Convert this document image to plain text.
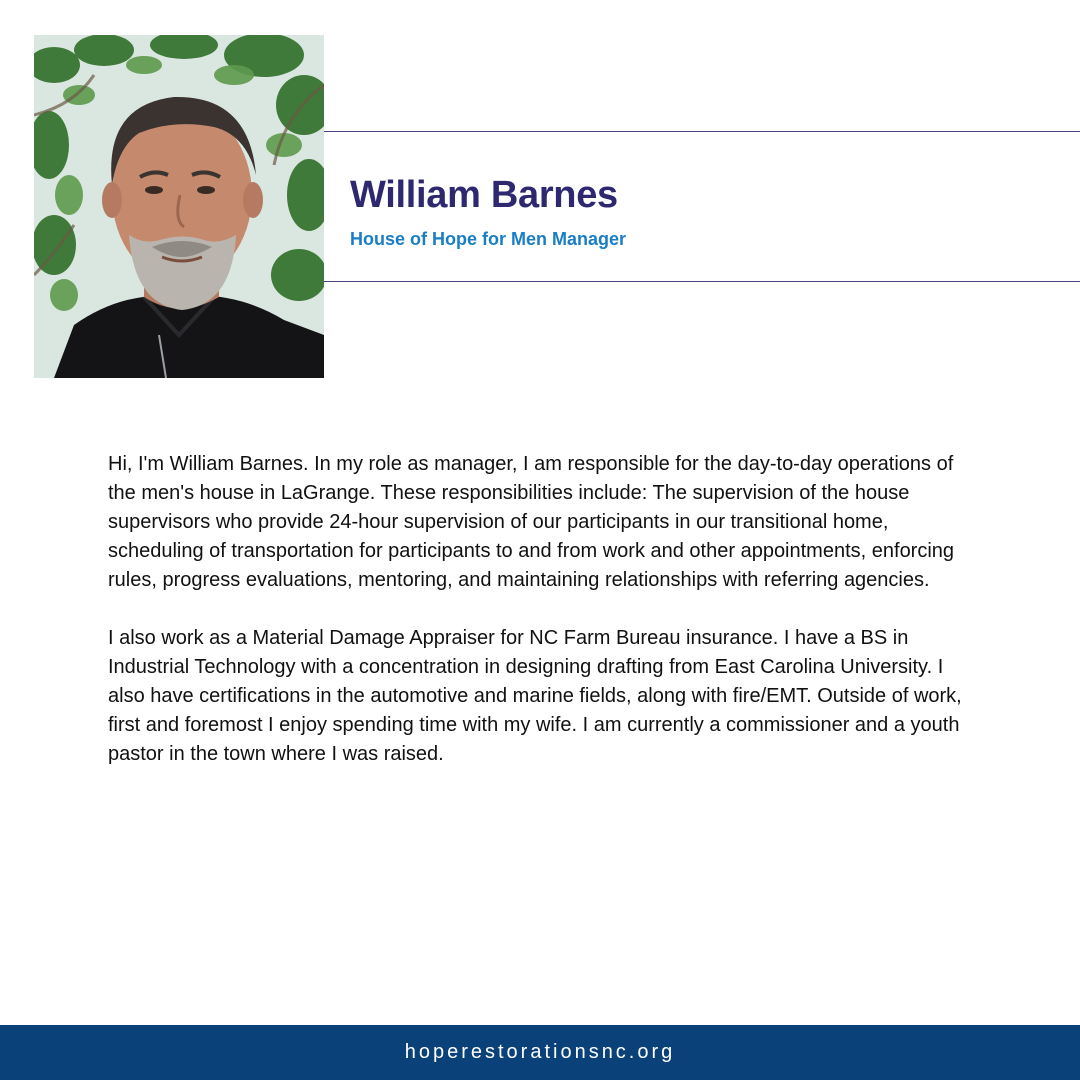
William Barnes
House of Hope for Men Manager

Hi, I'm William Barnes. In my role as manager, I am responsible for the day-to-day operations of the men's house in LaGrange. These responsibilities include: The supervision of the house supervisors who provide 24-hour supervision of our participants in our transitional home, scheduling of transportation for participants to and from work and other appointments, enforcing rules, progress evaluations, mentoring, and maintaining relationships with referring agencies.

I also work as a Material Damage Appraiser for NC Farm Bureau insurance. I have a BS in Industrial Technology with a concentration in designing drafting from East Carolina University. I also have certifications in the automotive and marine fields, along with fire/EMT. Outside of work, first and foremost I enjoy spending time with my wife. I am currently a commissioner and a youth pastor in the town where I was raised.

hoperestorationsnc.org
